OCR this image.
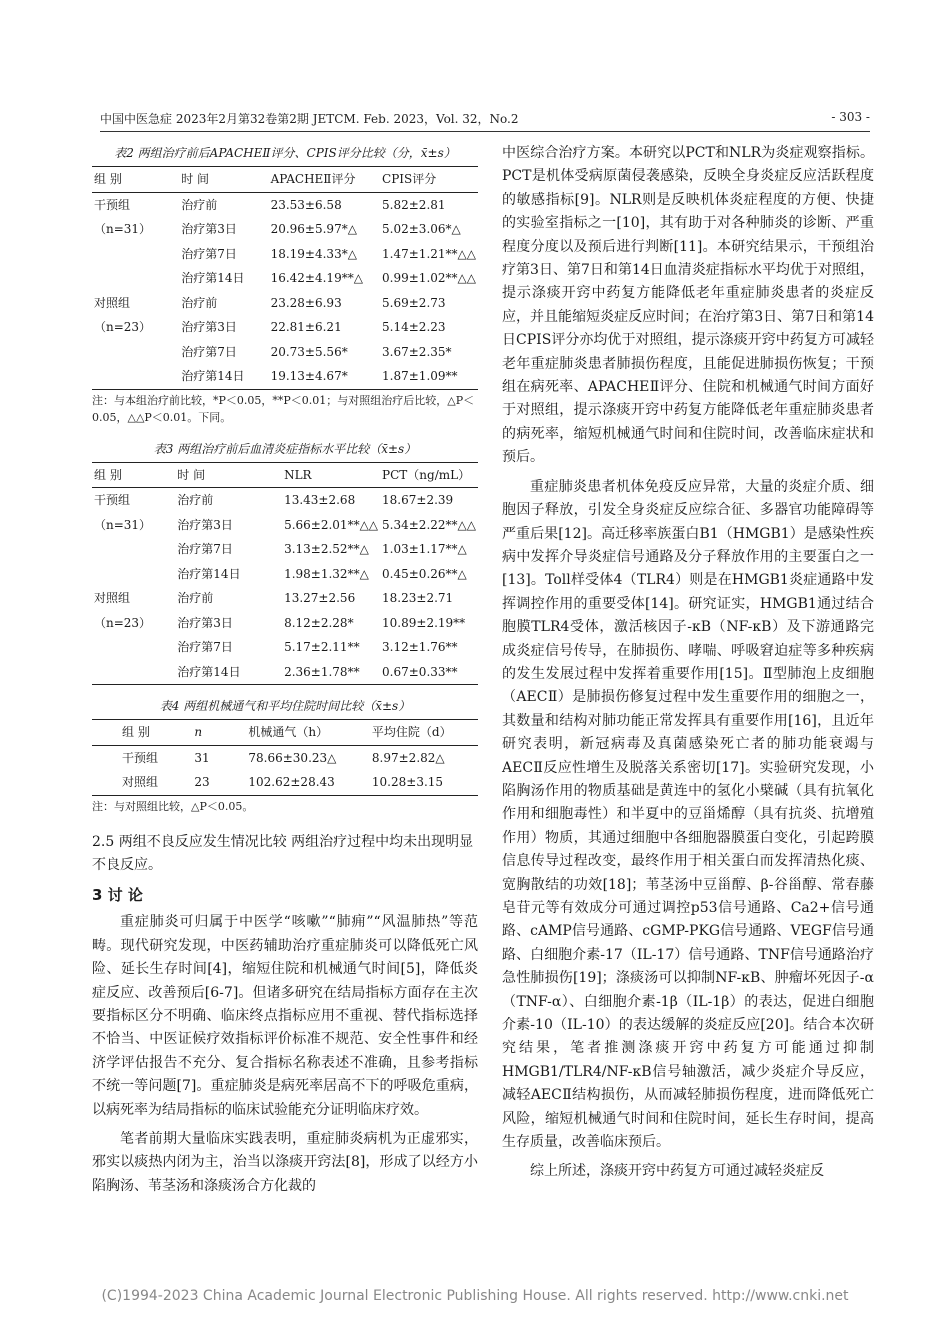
中国中医急症 2023年2月第32卷第2期 JETCM. Feb. 2023，Vol. 32，No.2	- 303 -
表2 两组治疗前后APACHEⅡ评分、CPIS评分比较（分，x̄±s）
组 别	时 间	APACHEⅡ评分	CPIS评分
干预组	治疗前	23.53±6.58	5.82±2.81
（n=31）	治疗第3日	20.96±5.97*△	5.02±3.06*△
	治疗第7日	18.19±4.33*△	1.47±1.21**△△
	治疗第14日	16.42±4.19**△	0.99±1.02**△△
对照组	治疗前	23.28±6.93	5.69±2.73
（n=23）	治疗第3日	22.81±6.21	5.14±2.23
	治疗第7日	20.73±5.56*	3.67±2.35*
	治疗第14日	19.13±4.67*	1.87±1.09**
注：与本组治疗前比较，*P＜0.05，**P＜0.01；与对照组治疗后比较，△P＜0.05，△△P＜0.01。下同。
表3 两组治疗前后血清炎症指标水平比较（x̄±s）
组 别	时 间	NLR	PCT（ng/mL）
干预组	治疗前	13.43±2.68	18.67±2.39
（n=31）	治疗第3日	5.66±2.01**△△	5.34±2.22**△△
	治疗第7日	3.13±2.52**△	1.03±1.17**△
	治疗第14日	1.98±1.32**△	0.45±0.26**△
对照组	治疗前	13.27±2.56	18.23±2.71
（n=23）	治疗第3日	8.12±2.28*	10.89±2.19**
	治疗第7日	5.17±2.11**	3.12±1.76**
	治疗第14日	2.36±1.78**	0.67±0.33**
表4 两组机械通气和平均住院时间比较（x̄±s）
组 别	n	机械通气（h）	平均住院（d）
干预组	31	78.66±30.23△	8.97±2.82△
对照组	23	102.62±28.43	10.28±3.15
注：与对照组比较，△P＜0.05。

2.5 两组不良反应发生情况比较 两组治疗过程中均未出现明显不良反应。

3 讨 论

重症肺炎可归属于中医学“咳嗽”“肺痈”“风温肺热”等范畴。现代研究发现，中医药辅助治疗重症肺炎可以降低死亡风险、延长生存时间[4]，缩短住院和机械通气时间[5]，降低炎症反应、改善预后[6-7]。但诸多研究在结局指标方面存在主次要指标区分不明确、临床终点指标应用不重视、替代指标选择不恰当、中医证候疗效指标评价标准不规范、安全性事件和经济学评估报告不充分、复合指标名称表述不准确，且参考指标不统一等问题[7]。重症肺炎是病死率居高不下的呼吸危重病，以病死率为结局指标的临床试验能充分证明临床疗效。

笔者前期大量临床实践表明，重症肺炎病机为正虚邪实，邪实以痰热内闭为主，治当以涤痰开窍法[8]，形成了以经方小陷胸汤、苇茎汤和涤痰汤合方化裁的

中医综合治疗方案。本研究以PCT和NLR为炎症观察指标。PCT是机体受病原菌侵袭感染，反映全身炎症反应活跃程度的敏感指标[9]。NLR则是反映机体炎症程度的方便、快捷的实验室指标之一[10]，其有助于对各种肺炎的诊断、严重程度分度以及预后进行判断[11]。本研究结果示，干预组治疗第3日、第7日和第14日血清炎症指标水平均优于对照组，提示涤痰开窍中药复方能降低老年重症肺炎患者的炎症反应，并且能缩短炎症反应时间；在治疗第3日、第7日和第14日CPIS评分亦均优于对照组，提示涤痰开窍中药复方可减轻老年重症肺炎患者肺损伤程度，且能促进肺损伤恢复；干预组在病死率、APACHEⅡ评分、住院和机械通气时间方面好于对照组，提示涤痰开窍中药复方能降低老年重症肺炎患者的病死率，缩短机械通气时间和住院时间，改善临床症状和预后。

重症肺炎患者机体免疫反应异常，大量的炎症介质、细胞因子释放，引发全身炎症反应综合征、多器官功能障碍等严重后果[12]。高迁移率族蛋白B1（HMGB1）是感染性疾病中发挥介导炎症信号通路及分子释放作用的主要蛋白之一[13]。Toll样受体4（TLR4）则是在HMGB1炎症通路中发挥调控作用的重要受体[14]。研究证实，HMGB1通过结合胞膜TLR4受体，激活核因子-κB（NF-κB）及下游通路完成炎症信号传导，在肺损伤、哮喘、呼吸窘迫症等多种疾病的发生发展过程中发挥着重要作用[15]。Ⅱ型肺泡上皮细胞（AECⅡ）是肺损伤修复过程中发生重要作用的细胞之一，其数量和结构对肺功能正常发挥具有重要作用[16]，且近年研究表明，新冠病毒及真菌感染死亡者的肺功能衰竭与AECⅡ反应性增生及脱落关系密切[17]。实验研究发现，小陷胸汤作用的物质基础是黄连中的氢化小檗碱（具有抗氧化作用和细胞毒性）和半夏中的豆甾烯醇（具有抗炎、抗增殖作用）物质，其通过细胞中各细胞器膜蛋白变化，引起跨膜信息传导过程改变，最终作用于相关蛋白而发挥清热化痰、宽胸散结的功效[18]；苇茎汤中豆甾醇、β-谷甾醇、常春藤皂苷元等有效成分可通过调控p53信号通路、Ca2+信号通路、cAMP信号通路、cGMP-PKG信号通路、VEGF信号通路、白细胞介素-17（IL-17）信号通路、TNF信号通路治疗急性肺损伤[19]；涤痰汤可以抑制NF-κB、肿瘤坏死因子-α（TNF-α）、白细胞介素-1β（IL-1β）的表达，促进白细胞介素-10（IL-10）的表达缓解的炎症反应[20]。结合本次研究结果，笔者推测涤痰开窍中药复方可能通过抑制HMGB1/TLR4/NF-κB信号轴激活，减少炎症介导反应，减轻AECⅡ结构损伤，从而减轻肺损伤程度，进而降低死亡风险，缩短机械通气时间和住院时间，延长生存时间，提高生存质量，改善临床预后。

综上所述，涤痰开窍中药复方可通过减轻炎症反

(C)1994-2023 China Academic Journal Electronic Publishing House. All rights reserved. http://www.cnki.net
